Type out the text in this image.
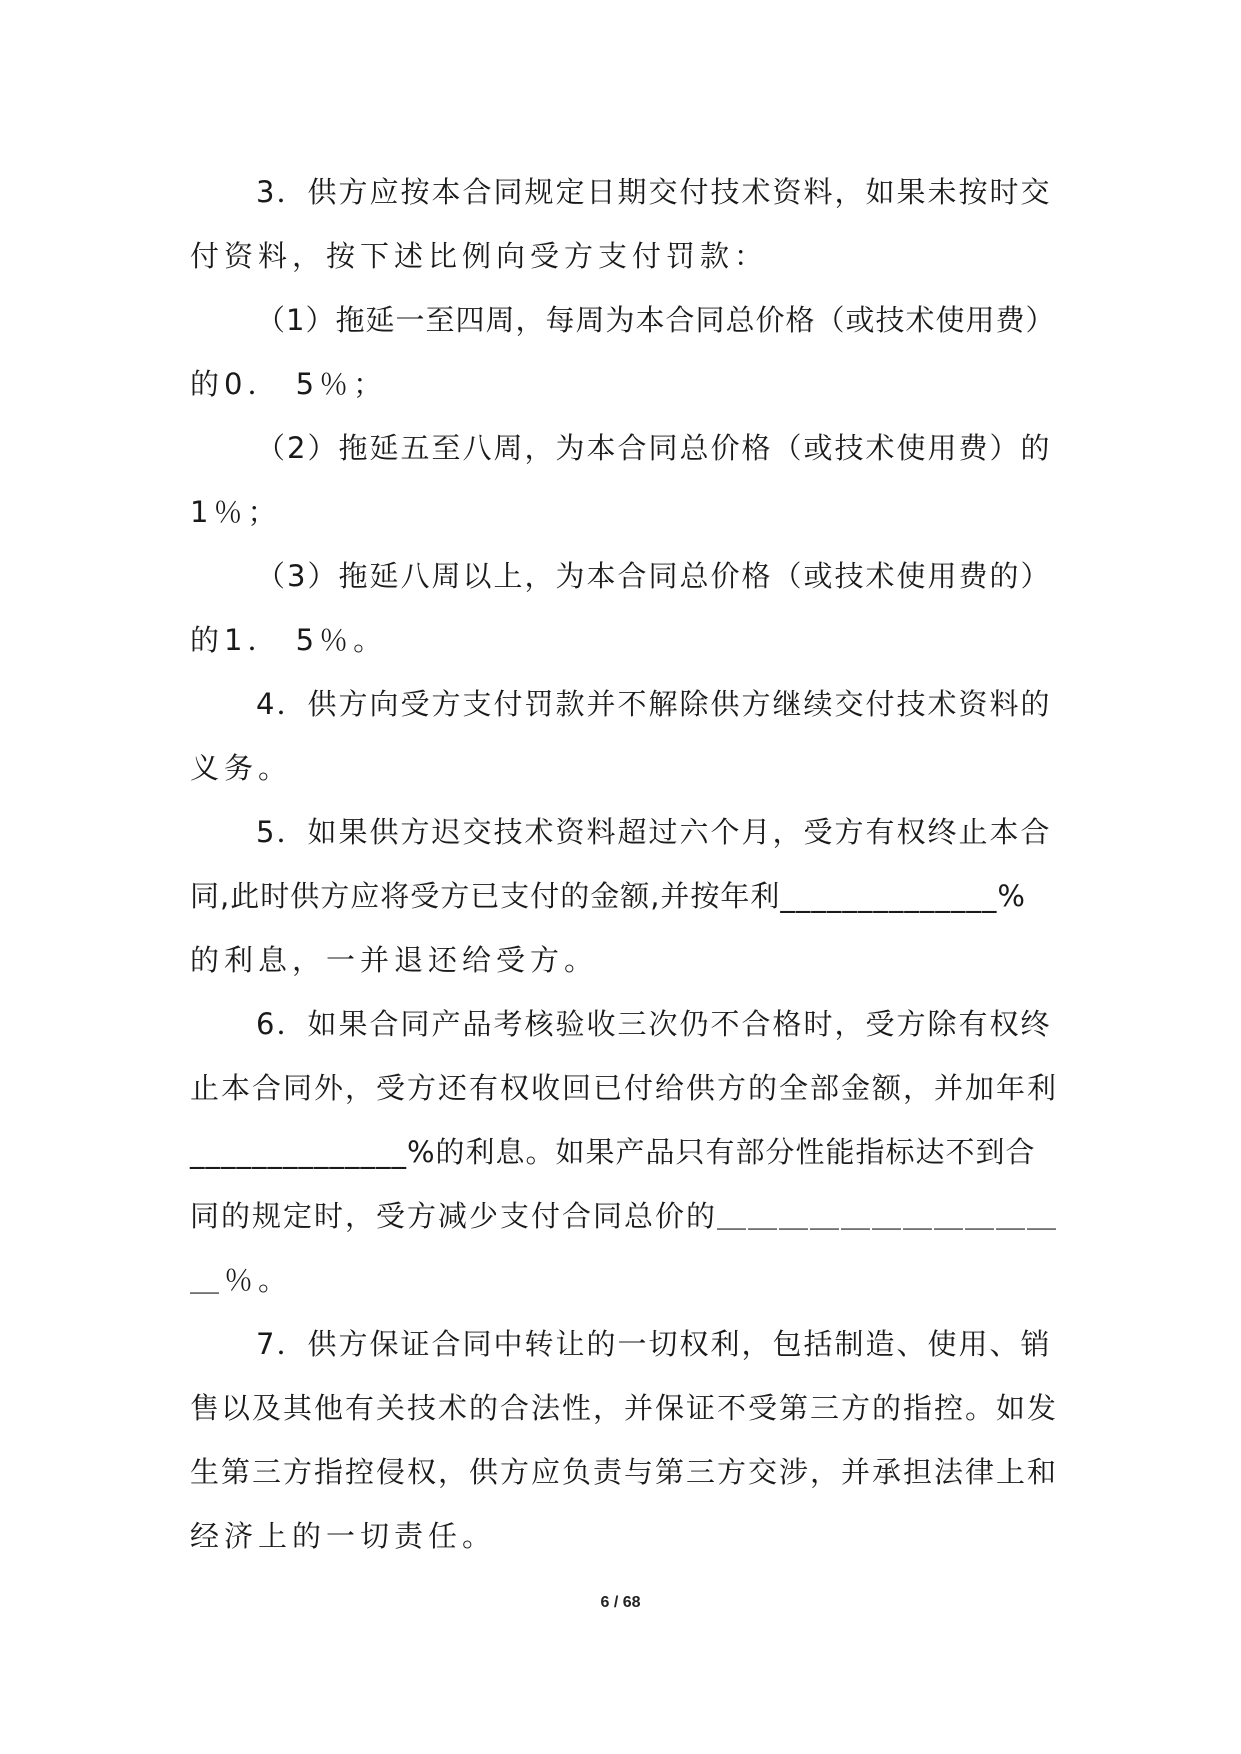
3．供方应按本合同规定日期交付技术资料，如果未按时交
付资料，按下述比例向受方支付罚款：
（1）拖延一至四周，每周为本合同总价格（或技术使用费）
的0． 5％；
（2）拖延五至八周，为本合同总价格（或技术使用费）的
1％；
（3）拖延八周以上，为本合同总价格（或技术使用费的）
的1． 5％。
4．供方向受方支付罚款并不解除供方继续交付技术资料的
义务。
5．如果供方迟交技术资料超过六个月，受方有权终止本合
同,此时供方应将受方已支付的金额,并按年利______________%
的利息，一并退还给受方。
6．如果合同产品考核验收三次仍不合格时，受方除有权终
止本合同外，受方还有权收回已付给供方的全部金额，并加年利
______________%的利息。如果产品只有部分性能指标达不到合
同的规定时，受方减少支付合同总价的＿＿＿＿＿＿＿＿＿＿＿
＿％。
7．供方保证合同中转让的一切权利，包括制造、使用、销
售以及其他有关技术的合法性，并保证不受第三方的指控。如发
生第三方指控侵权，供方应负责与第三方交涉，并承担法律上和
经济上的一切责任。
6 / 68
